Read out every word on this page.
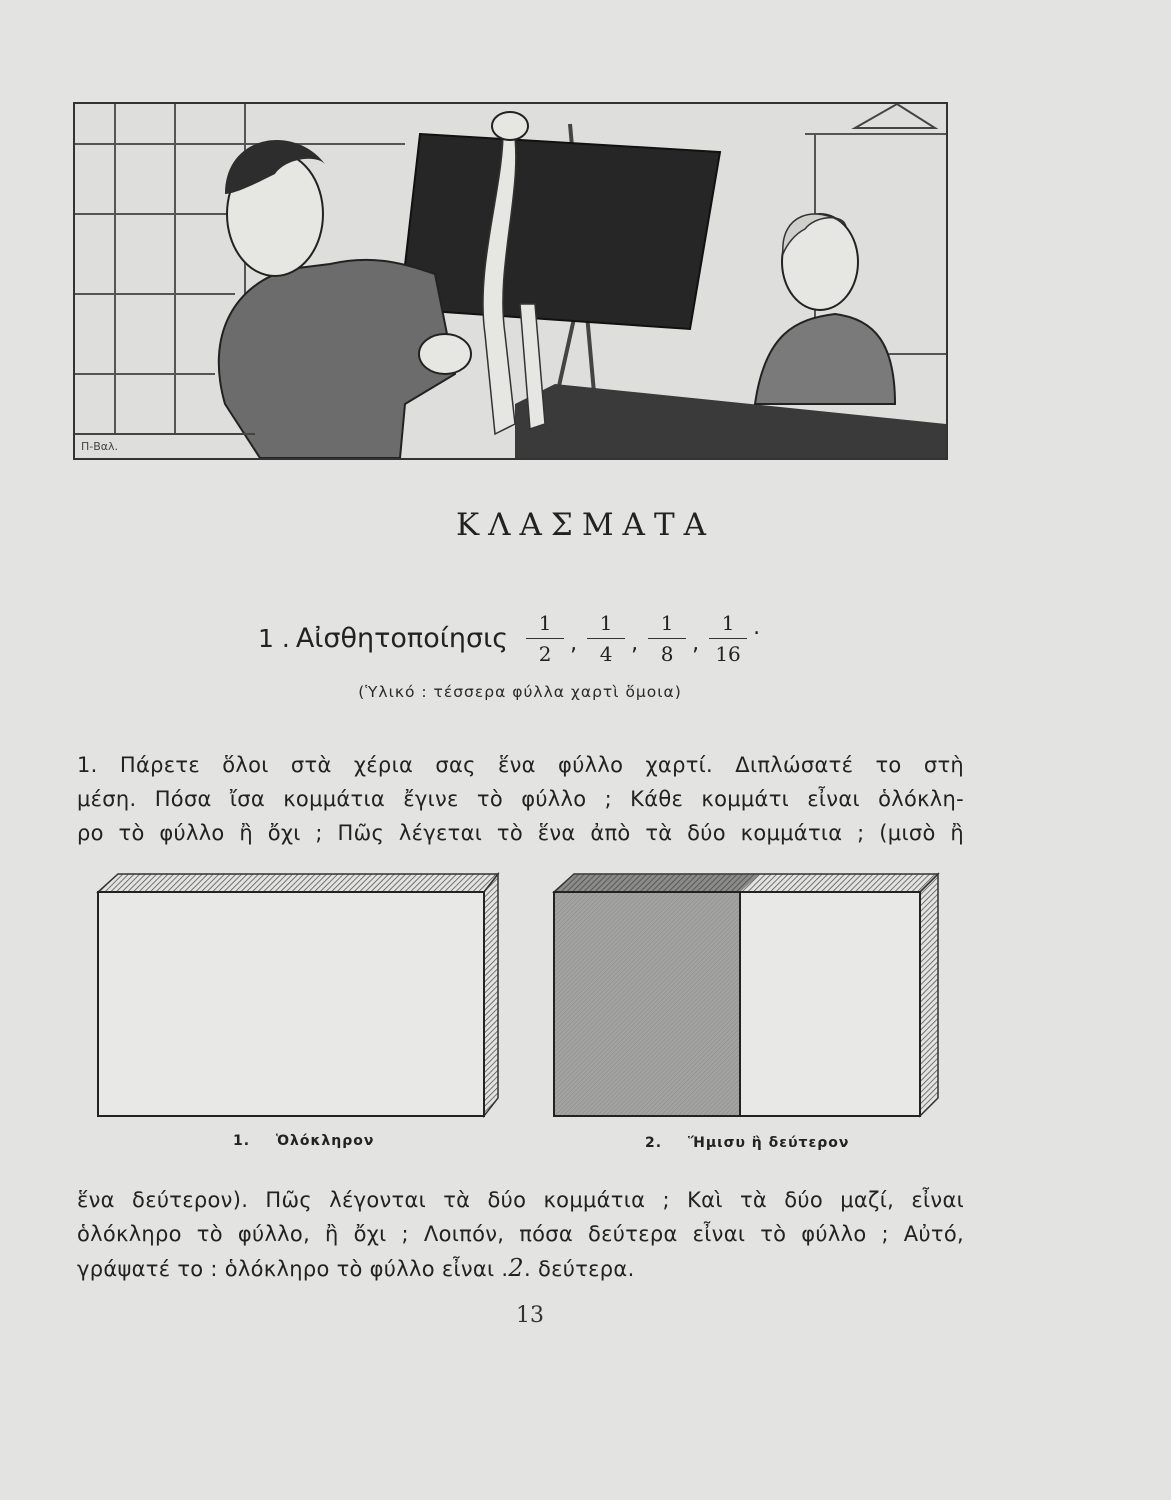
Π-Βαλ.
ΚΛΑΣΜΑΤΑ
1 . Αἰσθητοποίησις $\frac{1}{2}$ , $\frac{1}{4}$ , $\frac{1}{8}$ , $\frac{1}{16}$ .
(Ὑλικό : τέσσερα φύλλα χαρτὶ ὅμοια)
1. Πάρετε ὅλοι στὰ χέρια σας ἕνα φύλλο χαρτί. Διπλώσατέ το στὴ
μέση. Πόσα ἴσα κομμάτια ἔγινε τὸ φύλλο ; Κάθε κομμάτι εἶναι ὁλόκλη-
ρο τὸ φύλλο ἢ ὄχι ; Πῶς λέγεται τὸ ἕνα ἀπὸ τὰ δύο κομμάτια ; (μισὸ ἢ
1. Ὁλόκληρον	2. Ἥμισυ ἢ δεύτερον
ἕνα δεύτερον). Πῶς λέγονται τὰ δύο κομμάτια ; Καὶ τὰ δύο μαζί, εἶναι
ὁλόκληρο τὸ φύλλο, ἢ ὄχι ; Λοιπόν, πόσα δεύτερα εἶναι τὸ φύλλο ; Αὐτό,
γράψατέ το : ὁλόκληρο τὸ φύλλο εἶναι .2. δεύτερα.
13
